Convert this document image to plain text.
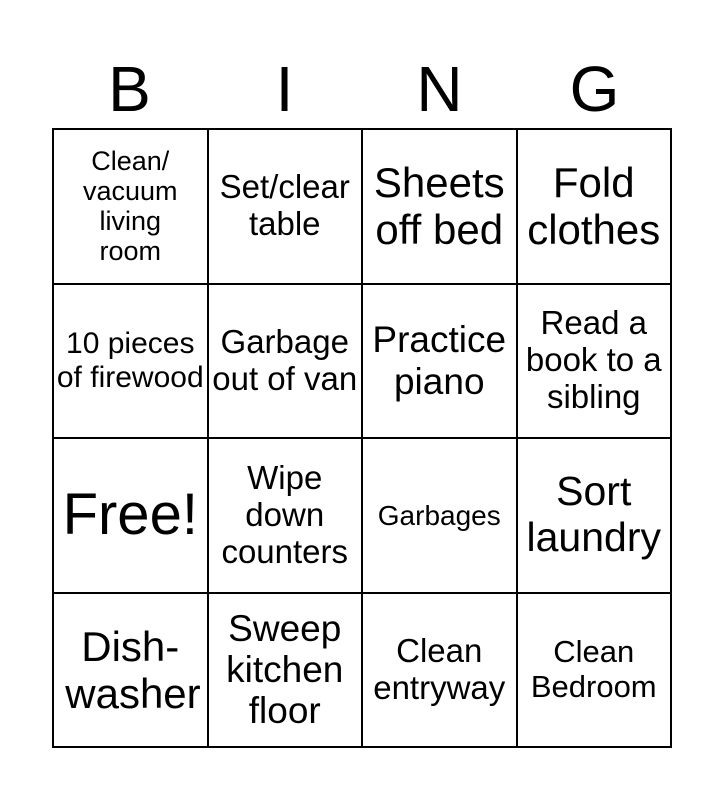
B	I	N	G
Clean/ vacuum living room
Set/clear table
Sheets off bed
Fold clothes
10 pieces of firewood
Garbage out of van
Practice piano
Read a book to a sibling
Free!
Wipe down counters
Garbages
Sort laundry
Dish- washer
Sweep kitchen floor
Clean entryway
Clean Bedroom
